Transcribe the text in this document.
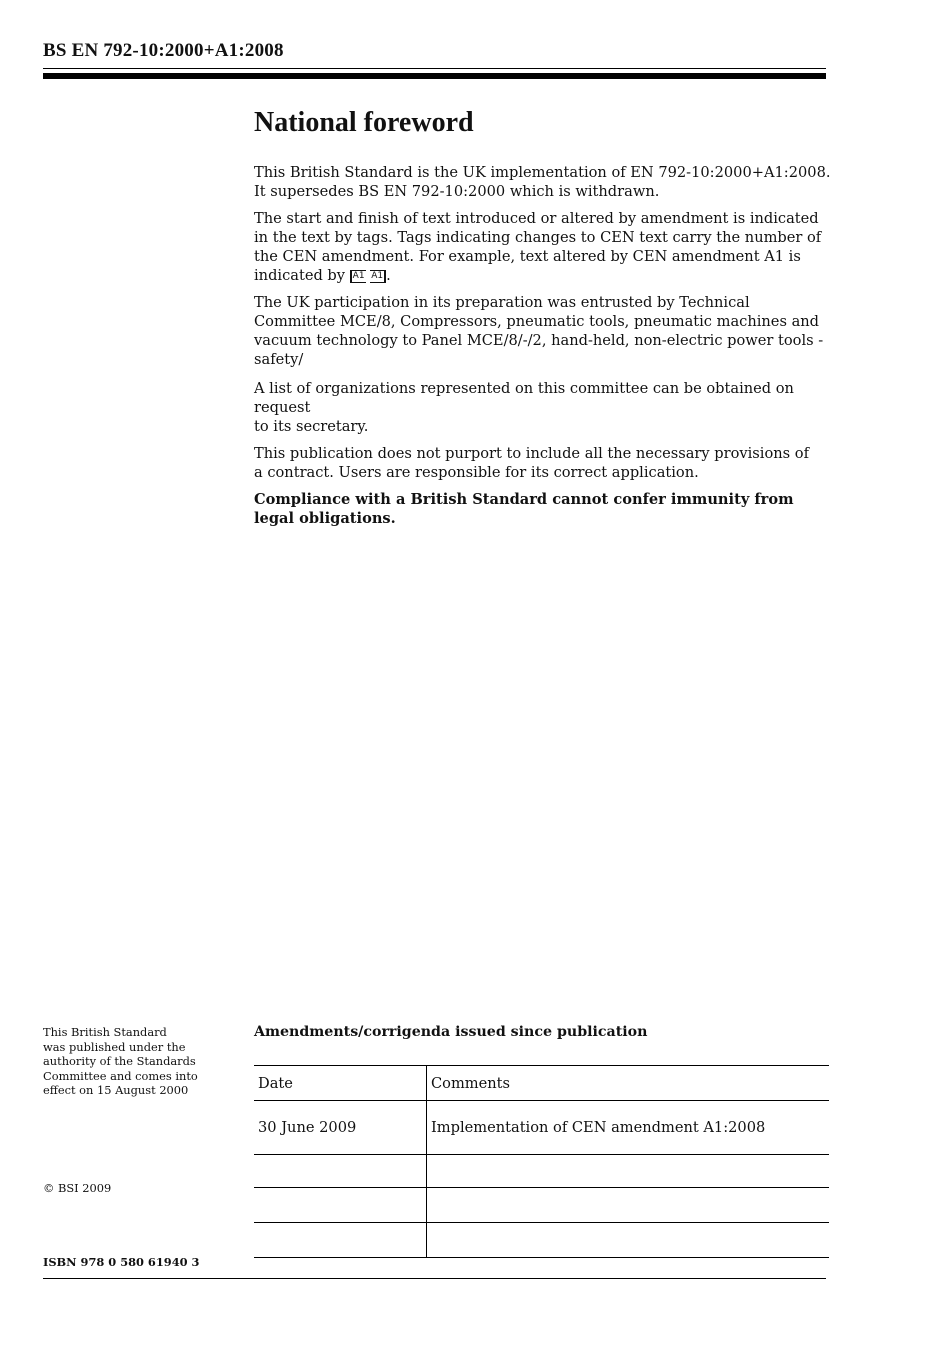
BS EN 792-10:2000+A1:2008
National foreword

This British Standard is the UK implementation of EN 792-10:2000+A1:2008.
It supersedes BS EN 792-10:2000 which is withdrawn.

The start and finish of text introduced or altered by amendment is indicated
in the text by tags. Tags indicating changes to CEN text carry the number of
the CEN amendment. For example, text altered by CEN amendment A1 is
indicated by A1 A1 .

The UK participation in its preparation was entrusted by Technical
Committee MCE/8, Compressors, pneumatic tools, pneumatic machines and
vacuum technology to Panel MCE/8/-/2, hand-held, non-electric power tools - safety/

A list of organizations represented on this committee can be obtained on request
to its secretary.

This publication does not purport to include all the necessary provisions of
a contract. Users are responsible for its correct application.

Compliance with a British Standard cannot confer immunity from
legal obligations.

This British Standard
was published under the
authority of the Standards
Committee and comes into
effect on 15 August 2000
© BSI 2009
ISBN 978 0 580 61940 3
Amendments/corrigenda issued since publication
Date	Comments
30 June 2009	Implementation of CEN amendment A1:2008
